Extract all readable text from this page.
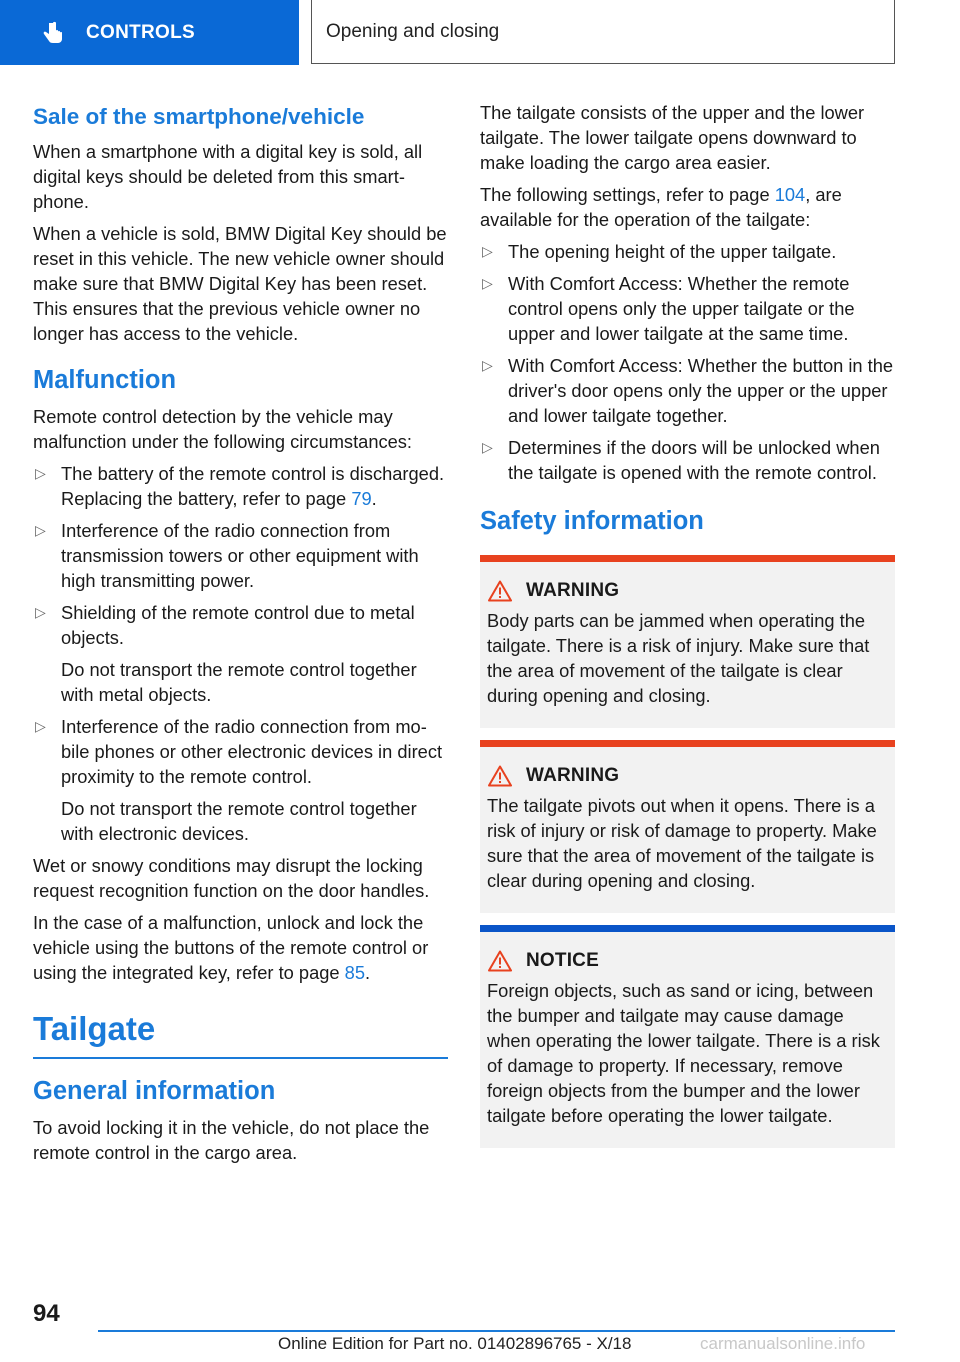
CONTROLS	Opening and closing
Sale of the smartphone/vehicle

When a smartphone with a digital key is sold, all digital keys should be deleted from this smartphone.

When a vehicle is sold, BMW Digital Key should be reset in this vehicle. The new vehicle owner should make sure that BMW Digital Key has been reset. This ensures that the previous vehicle owner no longer has access to the vehicle.

Malfunction

Remote control detection by the vehicle may malfunction under the following circumstances:

▷ The battery of the remote control is discharged. Replacing the battery, refer to page 79.
▷ Interference of the radio connection from transmission towers or other equipment with high transmitting power.
▷ Shielding of the remote control due to metal objects.
Do not transport the remote control together with metal objects.
▷ Interference of the radio connection from mobile phones or other electronic devices in direct proximity to the remote control.
Do not transport the remote control together with electronic devices.

Wet or snowy conditions may disrupt the locking request recognition function on the door handles.

In the case of a malfunction, unlock and lock the vehicle using the buttons of the remote control or using the integrated key, refer to page 85.

Tailgate
General information

To avoid locking it in the vehicle, do not place the remote control in the cargo area.

The tailgate consists of the upper and the lower tailgate. The lower tailgate opens downward to make loading the cargo area easier.

The following settings, refer to page 104, are available for the operation of the tailgate:

▷ The opening height of the upper tailgate.
▷ With Comfort Access: Whether the remote control opens only the upper tailgate or the upper and lower tailgate at the same time.
▷ With Comfort Access: Whether the button in the driver's door opens only the upper or the upper and lower tailgate together.
▷ Determines if the doors will be unlocked when the tailgate is opened with the remote control.
Safety information
WARNING

Body parts can be jammed when operating the tailgate. There is a risk of injury. Make sure that the area of movement of the tailgate is clear during opening and closing.

WARNING

The tailgate pivots out when it opens. There is a risk of injury or risk of damage to property. Make sure that the area of movement of the tailgate is clear during opening and closing.

NOTICE

Foreign objects, such as sand or icing, between the bumper and tailgate may cause damage when operating the lower tailgate. There is a risk of damage to property. If necessary, remove foreign objects from the bumper and the lower tailgate before operating the lower tailgate.

94
Online Edition for Part no. 01402896765 - X/18	carmanualsonline.info
